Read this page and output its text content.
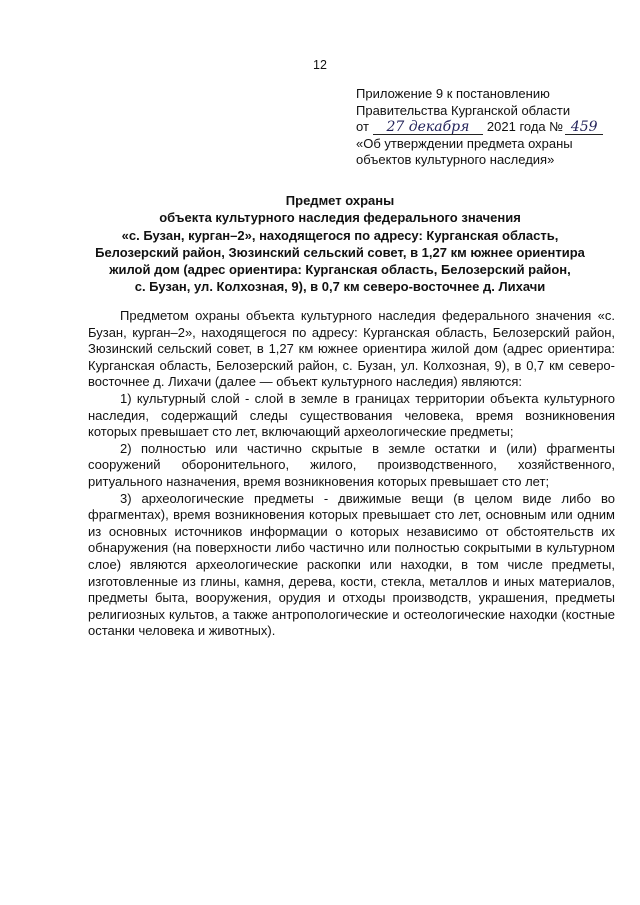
12
Приложение 9 к постановлению
Правительства Курганской области
от 27 декабря 2021 года № 459
«Об утверждении предмета охраны
объектов культурного наследия»
Предмет охраны
объекта культурного наследия федерального значения
«с. Бузан, курган–2», находящегося по адресу: Курганская область,
Белозерский район, Зюзинский сельский совет, в 1,27 км южнее ориентира
жилой дом (адрес ориентира: Курганская область, Белозерский район,
с. Бузан, ул. Колхозная, 9), в 0,7 км северо-восточнее д. Лихачи

Предметом охраны объекта культурного наследия федерального значения «с. Бузан, курган–2», находящегося по адресу: Курганская область, Белозерский район, Зюзинский сельский совет, в 1,27 км южнее ориентира жилой дом (адрес ориентира: Курганская область, Белозерский район, с. Бузан, ул. Колхозная, 9), в 0,7 км северо-восточнее д. Лихачи (далее — объект культурного наследия) являются:

1) культурный слой - слой в земле в границах территории объекта культурного наследия, содержащий следы существования человека, время возникновения которых превышает сто лет, включающий археологические предметы;

2) полностью или частично скрытые в земле остатки и (или) фрагменты сооружений оборонительного, жилого, производственного, хозяйственного, ритуального назначения, время возникновения которых превышает сто лет;

3) археологические предметы - движимые вещи (в целом виде либо во фрагментах), время возникновения которых превышает сто лет, основным или одним из основных источников информации о которых независимо от обстоятельств их обнаружения (на поверхности либо частично или полностью сокрытыми в культурном слое) являются археологические раскопки или находки, в том числе предметы, изготовленные из глины, камня, дерева, кости, стекла, металлов и иных материалов, предметы быта, вооружения, орудия и отходы производств, украшения, предметы религиозных культов, а также антропологические и остеологические находки (костные останки человека и животных).
